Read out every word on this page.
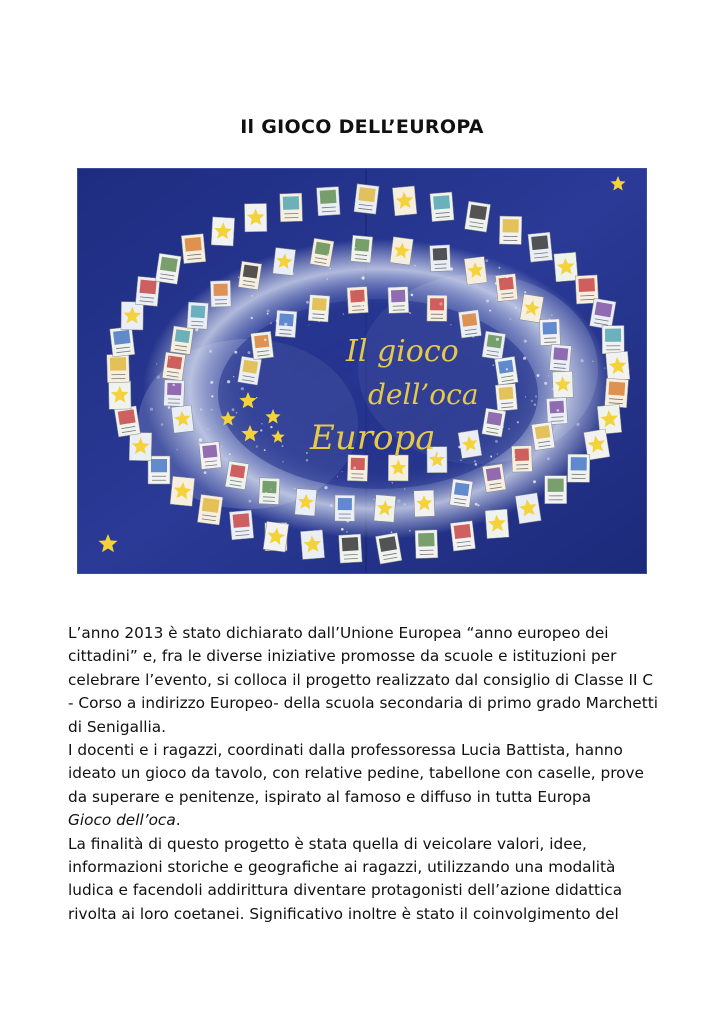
Il GIOCO DELL’EUROPA
Il gioco
dell’oca
Europa

L’anno 2013 è stato dichiarato dall’Unione Europea “anno europeo dei cittadini” e, fra le diverse iniziative promosse da scuole e istituzioni per celebrare l’evento, si colloca il progetto realizzato dal consiglio di Classe II C - Corso a indirizzo Europeo- della scuola secondaria di primo grado Marchetti di Senigallia.

I docenti e i ragazzi, coordinati dalla professoressa Lucia Battista, hanno ideato un gioco da tavolo, con relative pedine, tabellone con caselle, prove da superare e penitenze, ispirato al famoso e diffuso in tutta Europa
Gioco dell’oca.

La finalità di questo progetto è stata quella di veicolare valori, idee, informazioni storiche e geografiche ai ragazzi, utilizzando una modalità ludica e facendoli addirittura diventare protagonisti dell’azione didattica rivolta ai loro coetanei. Significativo inoltre è stato il coinvolgimento del
